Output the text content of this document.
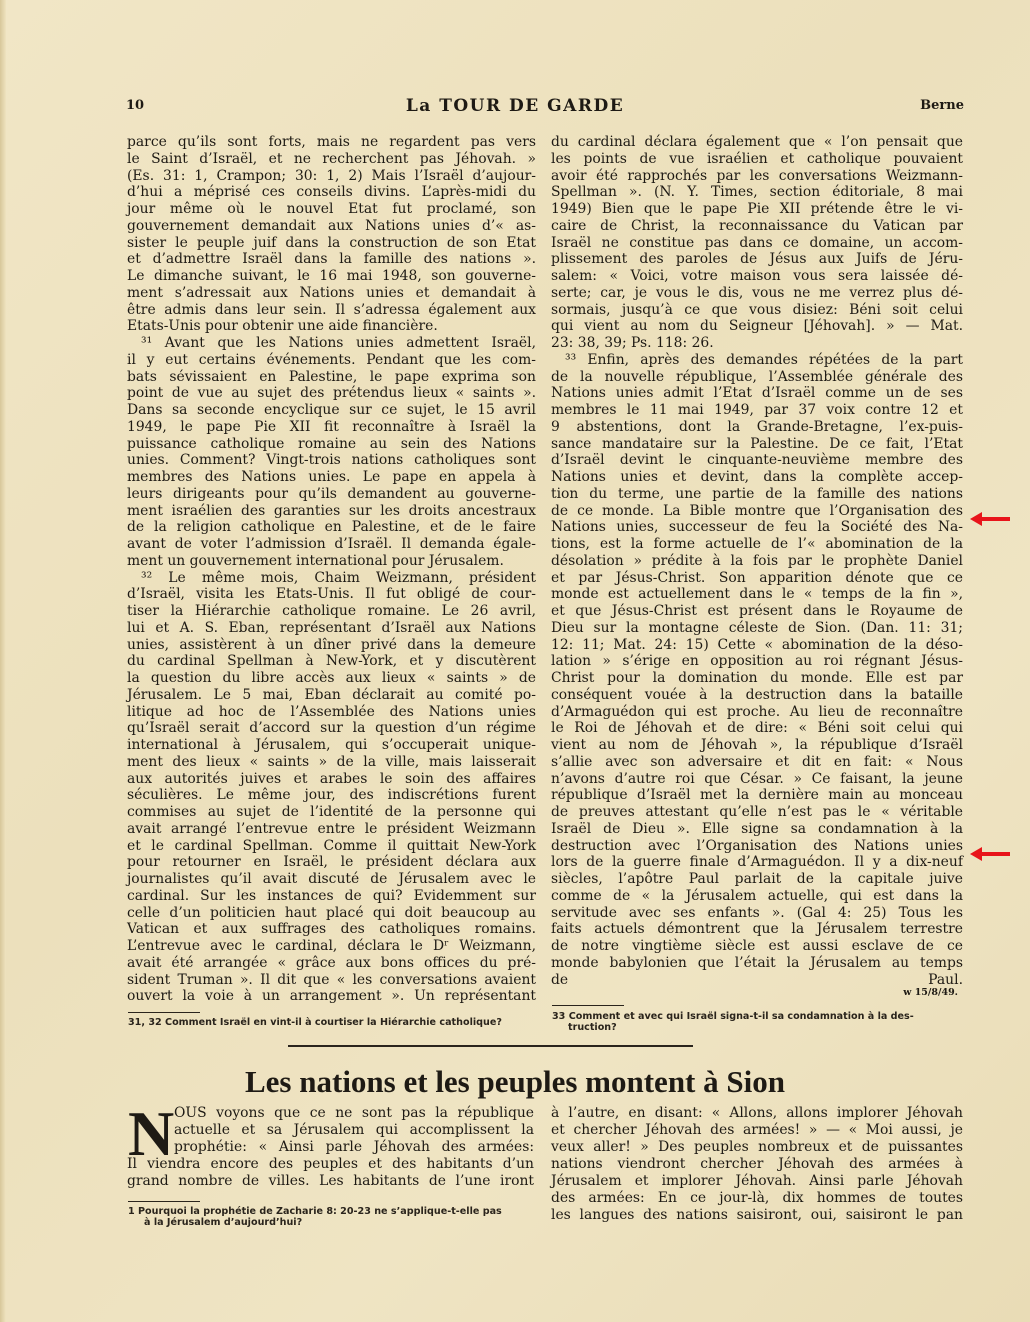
10	La TOUR DE GARDE	Berne
parce qu’ils sont forts, mais ne regardent pas vers
le Saint d’Israël, et ne recherchent pas Jéhovah. »
(Es. 31: 1, Crampon; 30: 1, 2) Mais l’Israël d’aujour-
d’hui a méprisé ces conseils divins. L’après-midi du
jour même où le nouvel Etat fut proclamé, son
gouvernement demandait aux Nations unies d’« as-
sister le peuple juif dans la construction de son Etat
et d’admettre Israël dans la famille des nations ».
Le dimanche suivant, le 16 mai 1948, son gouverne-
ment s’adressait aux Nations unies et demandait à
être admis dans leur sein. Il s’adressa également aux
Etats-Unis pour obtenir une aide financière.
³¹ Avant que les Nations unies admettent Israël,
il y eut certains événements. Pendant que les com-
bats sévissaient en Palestine, le pape exprima son
point de vue au sujet des prétendus lieux « saints ».
Dans sa seconde encyclique sur ce sujet, le 15 avril
1949, le pape Pie XII fit reconnaître à Israël la
puissance catholique romaine au sein des Nations
unies. Comment? Vingt-trois nations catholiques sont
membres des Nations unies. Le pape en appela à
leurs dirigeants pour qu’ils demandent au gouverne-
ment israélien des garanties sur les droits ancestraux
de la religion catholique en Palestine, et de le faire
avant de voter l’admission d’Israël. Il demanda égale-
ment un gouvernement international pour Jérusalem.
³² Le même mois, Chaim Weizmann, président
d’Israël, visita les Etats-Unis. Il fut obligé de cour-
tiser la Hiérarchie catholique romaine. Le 26 avril,
lui et A. S. Eban, représentant d’Israël aux Nations
unies, assistèrent à un dîner privé dans la demeure
du cardinal Spellman à New-York, et y discutèrent
la question du libre accès aux lieux « saints » de
Jérusalem. Le 5 mai, Eban déclarait au comité po-
litique ad hoc de l’Assemblée des Nations unies
qu’Israël serait d’accord sur la question d’un régime
international à Jérusalem, qui s’occuperait unique-
ment des lieux « saints » de la ville, mais laisserait
aux autorités juives et arabes le soin des affaires
séculières. Le même jour, des indiscrétions furent
commises au sujet de l’identité de la personne qui
avait arrangé l’entrevue entre le président Weizmann
et le cardinal Spellman. Comme il quittait New-York
pour retourner en Israël, le président déclara aux
journalistes qu’il avait discuté de Jérusalem avec le
cardinal. Sur les instances de qui? Evidemment sur
celle d’un politicien haut placé qui doit beaucoup au
Vatican et aux suffrages des catholiques romains.
L’entrevue avec le cardinal, déclara le Dʳ Weizmann,
avait été arrangée « grâce aux bons offices du pré-
sident Truman ». Il dit que « les conversations avaient
ouvert la voie à un arrangement ». Un représentant
31, 32 Comment Israël en vint-il à courtiser la Hiérarchie catholique?
du cardinal déclara également que « l’on pensait que
les points de vue israélien et catholique pouvaient
avoir été rapprochés par les conversations Weizmann-
Spellman ». (N. Y. Times, section éditoriale, 8 mai
1949) Bien que le pape Pie XII prétende être le vi-
caire de Christ, la reconnaissance du Vatican par
Israël ne constitue pas dans ce domaine, un accom-
plissement des paroles de Jésus aux Juifs de Jéru-
salem: « Voici, votre maison vous sera laissée dé-
serte; car, je vous le dis, vous ne me verrez plus dé-
sormais, jusqu’à ce que vous disiez: Béni soit celui
qui vient au nom du Seigneur [Jéhovah]. » — Mat.
23: 38, 39; Ps. 118: 26.
³³ Enfin, après des demandes répétées de la part
de la nouvelle république, l’Assemblée générale des
Nations unies admit l’Etat d’Israël comme un de ses
membres le 11 mai 1949, par 37 voix contre 12 et
9 abstentions, dont la Grande-Bretagne, l’ex-puis-
sance mandataire sur la Palestine. De ce fait, l’Etat
d’Israël devint le cinquante-neuvième membre des
Nations unies et devint, dans la complète accep-
tion du terme, une partie de la famille des nations
de ce monde. La Bible montre que l’Organisation des
Nations unies, successeur de feu la Société des Na-
tions, est la forme actuelle de l’« abomination de la
désolation » prédite à la fois par le prophète Daniel
et par Jésus-Christ. Son apparition dénote que ce
monde est actuellement dans le « temps de la fin »,
et que Jésus-Christ est présent dans le Royaume de
Dieu sur la montagne céleste de Sion. (Dan. 11: 31;
12: 11; Mat. 24: 15) Cette « abomination de la déso-
lation » s’érige en opposition au roi régnant Jésus-
Christ pour la domination du monde. Elle est par
conséquent vouée à la destruction dans la bataille
d’Armaguédon qui est proche. Au lieu de reconnaître
le Roi de Jéhovah et de dire: « Béni soit celui qui
vient au nom de Jéhovah », la république d’Israël
s’allie avec son adversaire et dit en fait: « Nous
n’avons d’autre roi que César. » Ce faisant, la jeune
république d’Israël met la dernière main au monceau
de preuves attestant qu’elle n’est pas le « véritable
Israël de Dieu ». Elle signe sa condamnation à la
destruction avec l’Organisation des Nations unies
lors de la guerre finale d’Armaguédon. Il y a dix-neuf
siècles, l’apôtre Paul parlait de la capitale juive
comme de « la Jérusalem actuelle, qui est dans la
servitude avec ses enfants ». (Gal 4: 25) Tous les
faits actuels démontrent que la Jérusalem terrestre
de notre vingtième siècle est aussi esclave de ce
monde babylonien que l’était la Jérusalem au temps
de Paul.
w 15/8/49.
33 Comment et avec qui Israël signa-t-il sa condamnation à la des-
truction?
Les nations et les peuples montent à Sion
N OUS voyons que ce ne sont pas la république
actuelle et sa Jérusalem qui accomplissent la
prophétie: « Ainsi parle Jéhovah des armées:
Il viendra encore des peuples et des habitants d’un
grand nombre de villes. Les habitants de l’une iront
1 Pourquoi la prophétie de Zacharie 8: 20-23 ne s’applique-t-elle pas
à la Jérusalem d’aujourd’hui?
à l’autre, en disant: « Allons, allons implorer Jéhovah
et chercher Jéhovah des armées! » — « Moi aussi, je
veux aller! » Des peuples nombreux et de puissantes
nations viendront chercher Jéhovah des armées à
Jérusalem et implorer Jéhovah. Ainsi parle Jéhovah
des armées: En ce jour-là, dix hommes de toutes
les langues des nations saisiront, oui, saisiront le pan
